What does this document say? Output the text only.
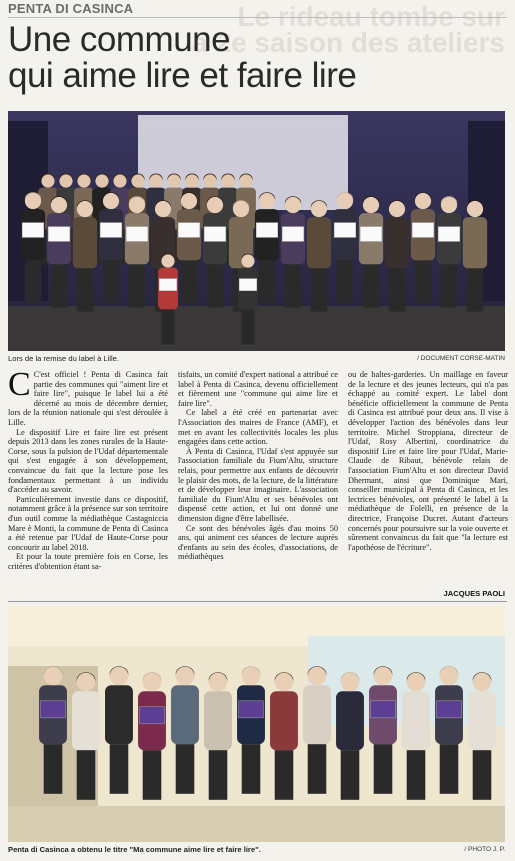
Le rideau tombe sur
la 2e saison des ateliers
PENTA DI CASINCA
Une commune
qui aime lire et faire lire
Lors de la remise du label à Lille.	/ DOCUMENT CORSE-MATIN

C C'est officiel ! Penta di Casinca fait partie des communes qui "aiment lire et faire lire", puisque le label lui a été décerné au mois de décembre dernier, lors de la réunion nationale qui s'est déroulée à Lille.

Le dispositif Lire et faire lire est présent depuis 2013 dans les zones rurales de la Haute-Corse, sous la pulsion de l'Udaf départementale qui s'est engagée à son développement, convaincue du fait que la lecture pose les fondamentaux permettant à un individu d'accéder au savoir.

Particulièrement investie dans ce dispositif, notamment grâce à la présence sur son territoire d'un outil comme la médiathèque Castagniccia Mare è Monti, la commune de Penta di Casinca a été retenue par l'Udaf de Haute-Corse pour concourir au label 2018.

Et pour la toute première fois en Corse, les critères d'obtention étant sa-

tisfaits, un comité d'expert national a attribué ce label à Penta di Casinca, devenu officiellement et fièrement une "commune qui aime lire et faire lire".

Ce label a été créé en partenariat avec l'Association des maires de France (AMF), et met en avant les collectivités locales les plus engagées dans cette action.

À Penta di Casinca, l'Udaf s'est appuyée sur l'association familiale du Fium'Altu, structure relais, pour permettre aux enfants de découvrir le plaisir des mots, de la lecture, de la littérature et de développer leur imaginaire. L'association familiale du Fium'Altu et ses bénévoles ont dispensé cette action, et lui ont donné une dimension digne d'être labellisée.

Ce sont des bénévoles âgés d'au moins 50 ans, qui animent ces séances de lecture auprès d'enfants au sein des écoles, d'associations, de médiathèques

ou de haltes-garderies. Un maillage en faveur de la lecture et des jeunes lecteurs, qui n'a pas échappé au comité expert. Le label dont bénéficie officiellement la commune de Penta di Casinca est attribué pour deux ans. Il vise à développer l'action des bénévoles dans leur territoire. Michel Stroppiana, directeur de l'Udaf, Rosy Albertini, coordinatrice du dispositif Lire et faire lire pour l'Udaf, Marie-Claude de Ribaut, bénévole relais de l'association Fium'Altu et son directeur David Dhermant, ainsi que Dominique Mari, conseiller municipal à Penta di Casinca, et les lectrices bénévoles, ont présenté le label à la médiathèque de Folelli, en présence de la directrice, Françoise Ducret. Autant d'acteurs concernés pour poursuivre sur la voie ouverte et sûrement convaincus du fait que "la lecture est l'apothéose de l'écriture".

JACQUES PAOLI
Penta di Casinca a obtenu le titre "Ma commune aime lire et faire lire".	/ PHOTO J. P.
